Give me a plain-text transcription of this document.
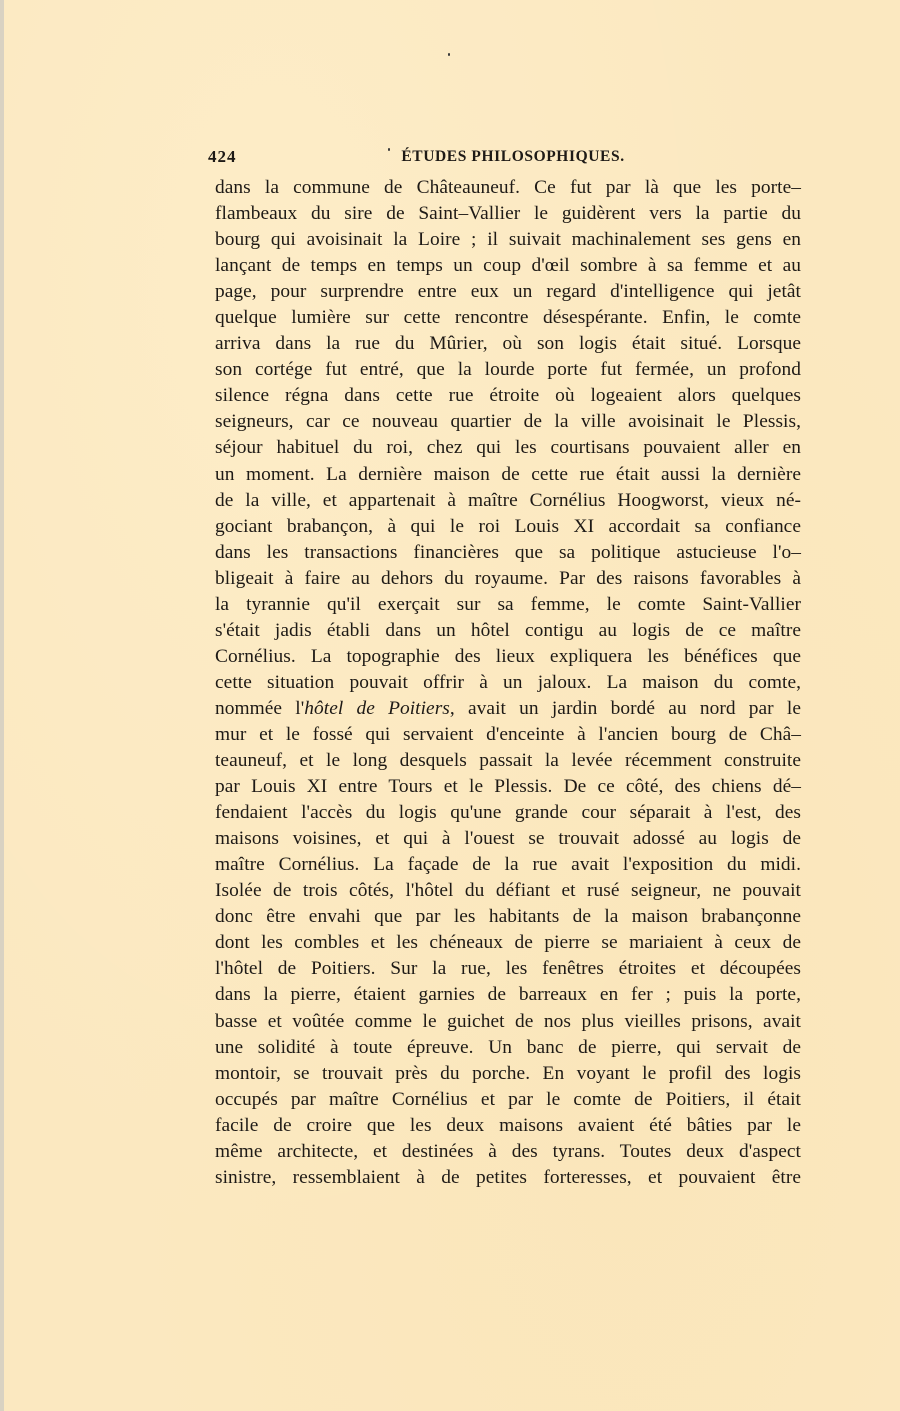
424	ÉTUDES PHILOSOPHIQUES.
dans la commune de Châteauneuf. Ce fut par là que les porte–
flambeaux du sire de Saint–Vallier le guidèrent vers la partie du
bourg qui avoisinait la Loire ; il suivait machinalement ses gens en
lançant de temps en temps un coup d'œil sombre à sa femme et au
page, pour surprendre entre eux un regard d'intelligence qui jetât
quelque lumière sur cette rencontre désespérante. Enfin, le comte
arriva dans la rue du Mûrier, où son logis était situé. Lorsque
son cortége fut entré, que la lourde porte fut fermée, un profond
silence régna dans cette rue étroite où logeaient alors quelques
seigneurs, car ce nouveau quartier de la ville avoisinait le Plessis,
séjour habituel du roi, chez qui les courtisans pouvaient aller en
un moment. La dernière maison de cette rue était aussi la dernière
de la ville, et appartenait à maître Cornélius Hoogworst, vieux né-
gociant brabançon, à qui le roi Louis XI accordait sa confiance
dans les transactions financières que sa politique astucieuse l'o–
bligeait à faire au dehors du royaume. Par des raisons favorables à
la tyrannie qu'il exerçait sur sa femme, le comte Saint-Vallier
s'était jadis établi dans un hôtel contigu au logis de ce maître
Cornélius. La topographie des lieux expliquera les bénéfices que
cette situation pouvait offrir à un jaloux. La maison du comte,
nommée l'hôtel de Poitiers, avait un jardin bordé au nord par le
mur et le fossé qui servaient d'enceinte à l'ancien bourg de Châ–
teauneuf, et le long desquels passait la levée récemment construite
par Louis XI entre Tours et le Plessis. De ce côté, des chiens dé–
fendaient l'accès du logis qu'une grande cour séparait à l'est, des
maisons voisines, et qui à l'ouest se trouvait adossé au logis de
maître Cornélius. La façade de la rue avait l'exposition du midi.
Isolée de trois côtés, l'hôtel du défiant et rusé seigneur, ne pouvait
donc être envahi que par les habitants de la maison brabançonne
dont les combles et les chéneaux de pierre se mariaient à ceux de
l'hôtel de Poitiers. Sur la rue, les fenêtres étroites et découpées
dans la pierre, étaient garnies de barreaux en fer ; puis la porte,
basse et voûtée comme le guichet de nos plus vieilles prisons, avait
une solidité à toute épreuve. Un banc de pierre, qui servait de
montoir, se trouvait près du porche. En voyant le profil des logis
occupés par maître Cornélius et par le comte de Poitiers, il était
facile de croire que les deux maisons avaient été bâties par le
même architecte, et destinées à des tyrans. Toutes deux d'aspect
sinistre, ressemblaient à de petites forteresses, et pouvaient être
